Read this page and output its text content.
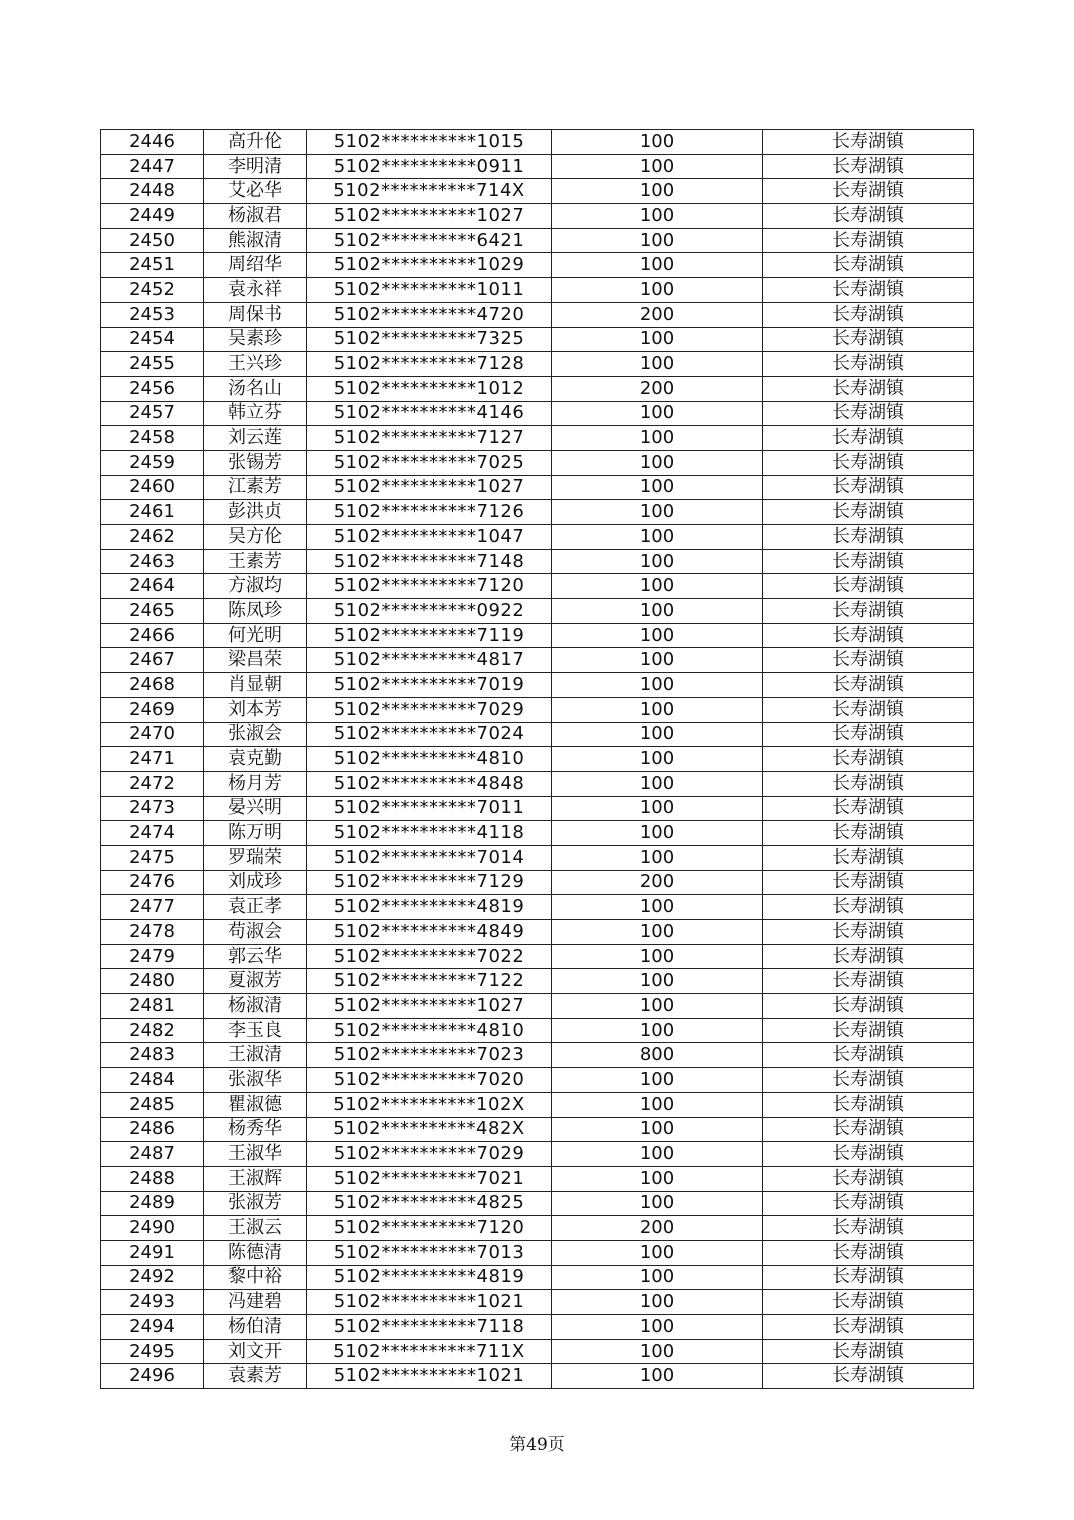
2446	高升伦	5102**********1015	100	长寿湖镇
2447	李明清	5102**********0911	100	长寿湖镇
2448	艾必华	5102**********714X	100	长寿湖镇
2449	杨淑君	5102**********1027	100	长寿湖镇
2450	熊淑清	5102**********6421	100	长寿湖镇
2451	周绍华	5102**********1029	100	长寿湖镇
2452	袁永祥	5102**********1011	100	长寿湖镇
2453	周保书	5102**********4720	200	长寿湖镇
2454	吴素珍	5102**********7325	100	长寿湖镇
2455	王兴珍	5102**********7128	100	长寿湖镇
2456	汤名山	5102**********1012	200	长寿湖镇
2457	韩立芬	5102**********4146	100	长寿湖镇
2458	刘云莲	5102**********7127	100	长寿湖镇
2459	张锡芳	5102**********7025	100	长寿湖镇
2460	江素芳	5102**********1027	100	长寿湖镇
2461	彭洪贞	5102**********7126	100	长寿湖镇
2462	吴方伦	5102**********1047	100	长寿湖镇
2463	王素芳	5102**********7148	100	长寿湖镇
2464	方淑均	5102**********7120	100	长寿湖镇
2465	陈凤珍	5102**********0922	100	长寿湖镇
2466	何光明	5102**********7119	100	长寿湖镇
2467	梁昌荣	5102**********4817	100	长寿湖镇
2468	肖显朝	5102**********7019	100	长寿湖镇
2469	刘本芳	5102**********7029	100	长寿湖镇
2470	张淑会	5102**********7024	100	长寿湖镇
2471	袁克勤	5102**********4810	100	长寿湖镇
2472	杨月芳	5102**********4848	100	长寿湖镇
2473	晏兴明	5102**********7011	100	长寿湖镇
2474	陈万明	5102**********4118	100	长寿湖镇
2475	罗瑞荣	5102**********7014	100	长寿湖镇
2476	刘成珍	5102**********7129	200	长寿湖镇
2477	袁正孝	5102**********4819	100	长寿湖镇
2478	苟淑会	5102**********4849	100	长寿湖镇
2479	郭云华	5102**********7022	100	长寿湖镇
2480	夏淑芳	5102**********7122	100	长寿湖镇
2481	杨淑清	5102**********1027	100	长寿湖镇
2482	李玉良	5102**********4810	100	长寿湖镇
2483	王淑清	5102**********7023	800	长寿湖镇
2484	张淑华	5102**********7020	100	长寿湖镇
2485	瞿淑德	5102**********102X	100	长寿湖镇
2486	杨秀华	5102**********482X	100	长寿湖镇
2487	王淑华	5102**********7029	100	长寿湖镇
2488	王淑辉	5102**********7021	100	长寿湖镇
2489	张淑芳	5102**********4825	100	长寿湖镇
2490	王淑云	5102**********7120	200	长寿湖镇
2491	陈德清	5102**********7013	100	长寿湖镇
2492	黎中裕	5102**********4819	100	长寿湖镇
2493	冯建碧	5102**********1021	100	长寿湖镇
2494	杨伯清	5102**********7118	100	长寿湖镇
2495	刘文开	5102**********711X	100	长寿湖镇
2496	袁素芳	5102**********1021	100	长寿湖镇
第49页
